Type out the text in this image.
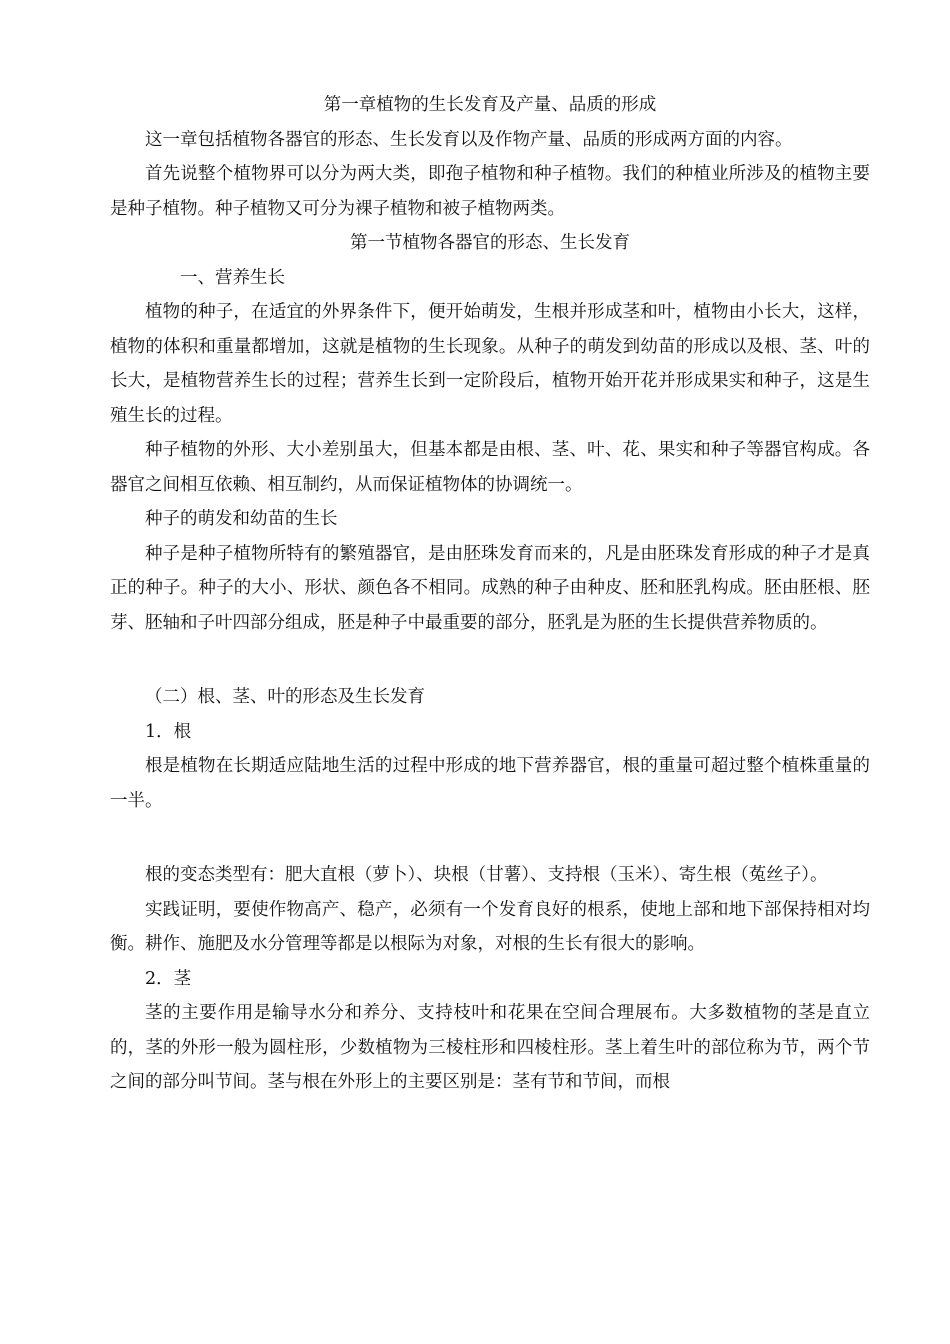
第一章植物的生长发育及产量、品质的形成

这一章包括植物各器官的形态、生长发育以及作物产量、品质的形成两方面的内容。

首先说整个植物界可以分为两大类，即孢子植物和种子植物。我们的种植业所涉及的植物主要是种子植物。种子植物又可分为裸子植物和被子植物两类。

第一节植物各器官的形态、生长发育

一、营养生长

植物的种子，在适宜的外界条件下，便开始萌发，生根并形成茎和叶，植物由小长大，这样，植物的体积和重量都增加，这就是植物的生长现象。从种子的萌发到幼苗的形成以及根、茎、叶的长大，是植物营养生长的过程；营养生长到一定阶段后，植物开始开花并形成果实和种子，这是生殖生长的过程。

种子植物的外形、大小差别虽大，但基本都是由根、茎、叶、花、果实和种子等器官构成。各器官之间相互依赖、相互制约，从而保证植物体的协调统一。

种子的萌发和幼苗的生长

种子是种子植物所特有的繁殖器官，是由胚珠发育而来的，凡是由胚珠发育形成的种子才是真正的种子。种子的大小、形状、颜色各不相同。成熟的种子由种皮、胚和胚乳构成。胚由胚根、胚芽、胚轴和子叶四部分组成，胚是种子中最重要的部分，胚乳是为胚的生长提供营养物质的。

（二）根、茎、叶的形态及生长发育

1．根

根是植物在长期适应陆地生活的过程中形成的地下营养器官，根的重量可超过整个植株重量的一半。

根的变态类型有：肥大直根（萝卜）、块根（甘薯）、支持根（玉米）、寄生根（菟丝子）。

实践证明，要使作物高产、稳产，必须有一个发育良好的根系，使地上部和地下部保持相对均衡。耕作、施肥及水分管理等都是以根际为对象，对根的生长有很大的影响。

2．茎

茎的主要作用是输导水分和养分、支持枝叶和花果在空间合理展布。大多数植物的茎是直立的，茎的外形一般为圆柱形，少数植物为三棱柱形和四棱柱形。茎上着生叶的部位称为节，两个节之间的部分叫节间。茎与根在外形上的主要区别是：茎有节和节间，而根
